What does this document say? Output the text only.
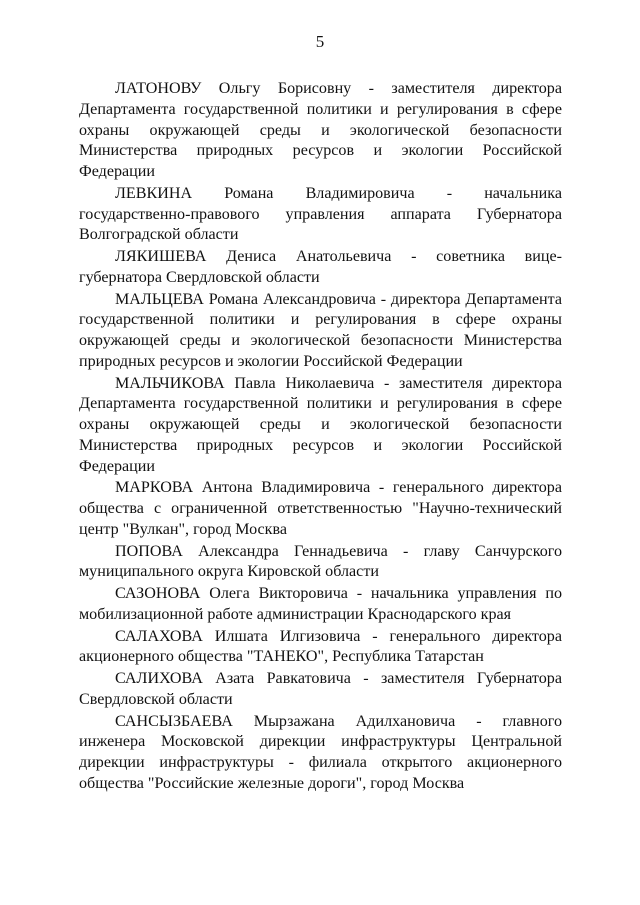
5

ЛАТОНОВУ Ольгу Борисовну - заместителя директора Департамента государственной политики и регулирования в сфере охраны окружающей среды и экологической безопасности Министерства природных ресурсов и экологии Российской Федерации

ЛЕВКИНА Романа Владимировича - начальника государственно-правового управления аппарата Губернатора Волгоградской области

ЛЯКИШЕВА Дениса Анатольевича - советника вице-губернатора Свердловской области

МАЛЬЦЕВА Романа Александровича - директора Департамента государственной политики и регулирования в сфере охраны окружающей среды и экологической безопасности Министерства природных ресурсов и экологии Российской Федерации

МАЛЬЧИКОВА Павла Николаевича - заместителя директора Департамента государственной политики и регулирования в сфере охраны окружающей среды и экологической безопасности Министерства природных ресурсов и экологии Российской Федерации

МАРКОВА Антона Владимировича - генерального директора общества с ограниченной ответственностью "Научно-технический центр "Вулкан", город Москва

ПОПОВА Александра Геннадьевича - главу Санчурского муниципального округа Кировской области

САЗОНОВА Олега Викторовича - начальника управления по мобилизационной работе администрации Краснодарского края

САЛАХОВА Илшата Илгизовича - генерального директора акционерного общества "ТАНЕКО", Республика Татарстан

САЛИХОВА Азата Равкатовича - заместителя Губернатора Свердловской области

САНСЫЗБАЕВА Мырзажана Адилхановича - главного инженера Московской дирекции инфраструктуры Центральной дирекции инфраструктуры - филиала открытого акционерного общества "Российские железные дороги", город Москва
